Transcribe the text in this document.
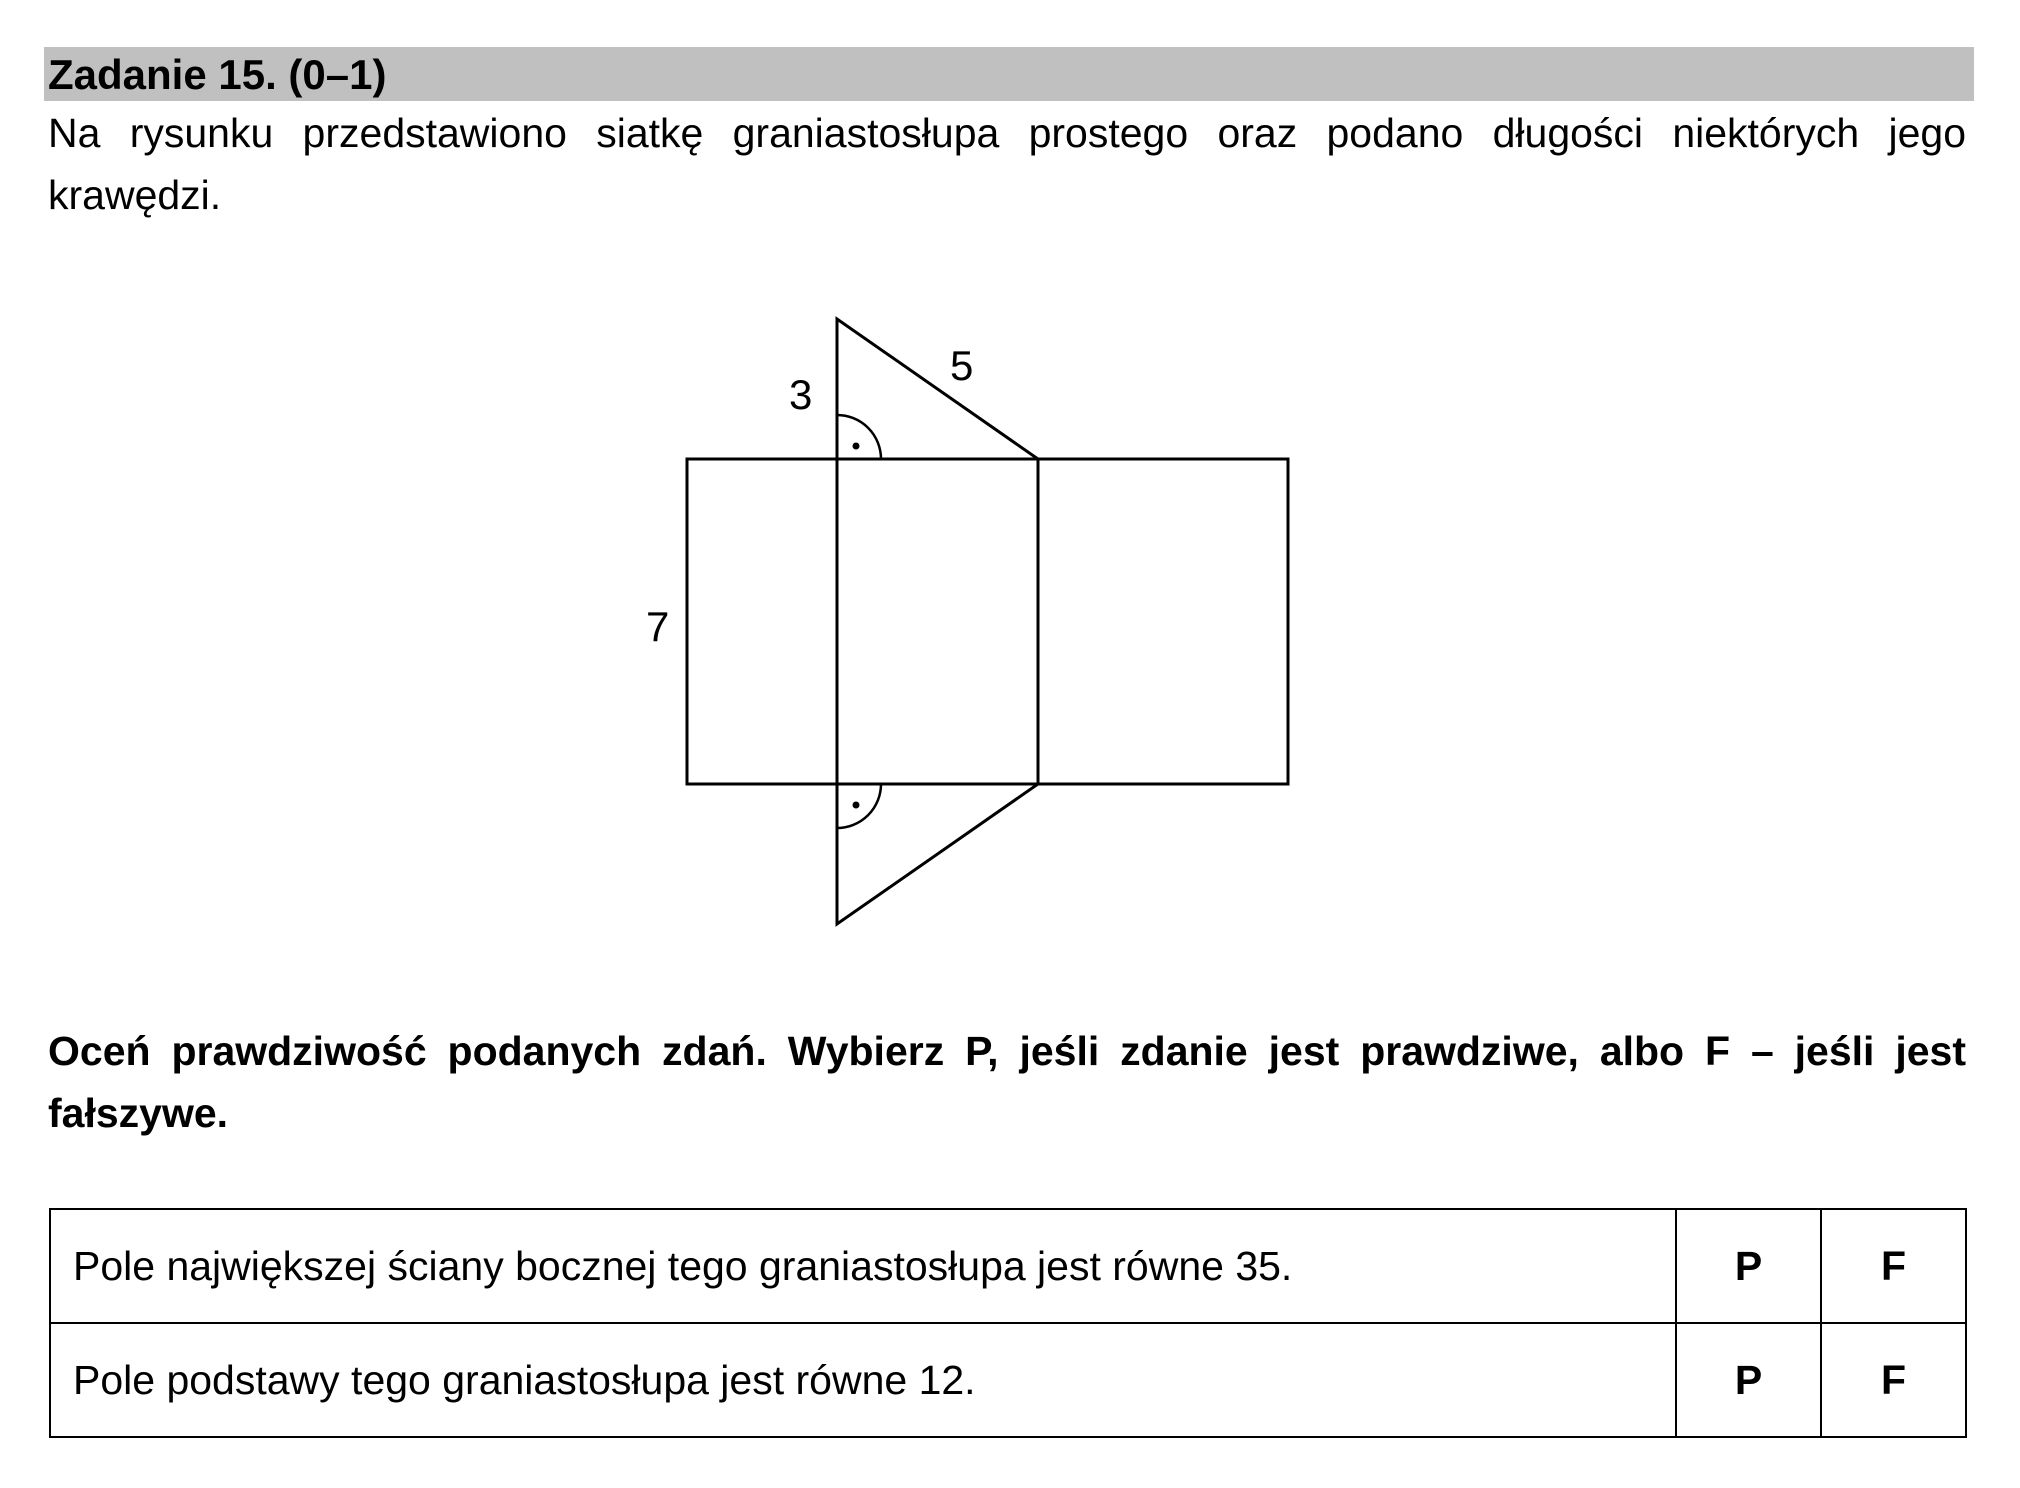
Zadanie 15. (0–1)
Na rysunku przedstawiono siatkę graniastosłupa prostego oraz podano długości niektórych jego krawędzi.
3
5
7
Oceń prawdziwość podanych zdań. Wybierz P, jeśli zdanie jest prawdziwe, albo F – jeśli jest fałszywe.
Pole największej ściany bocznej tego graniastosłupa jest równe 35.	P	F
Pole podstawy tego graniastosłupa jest równe 12.	P	F
